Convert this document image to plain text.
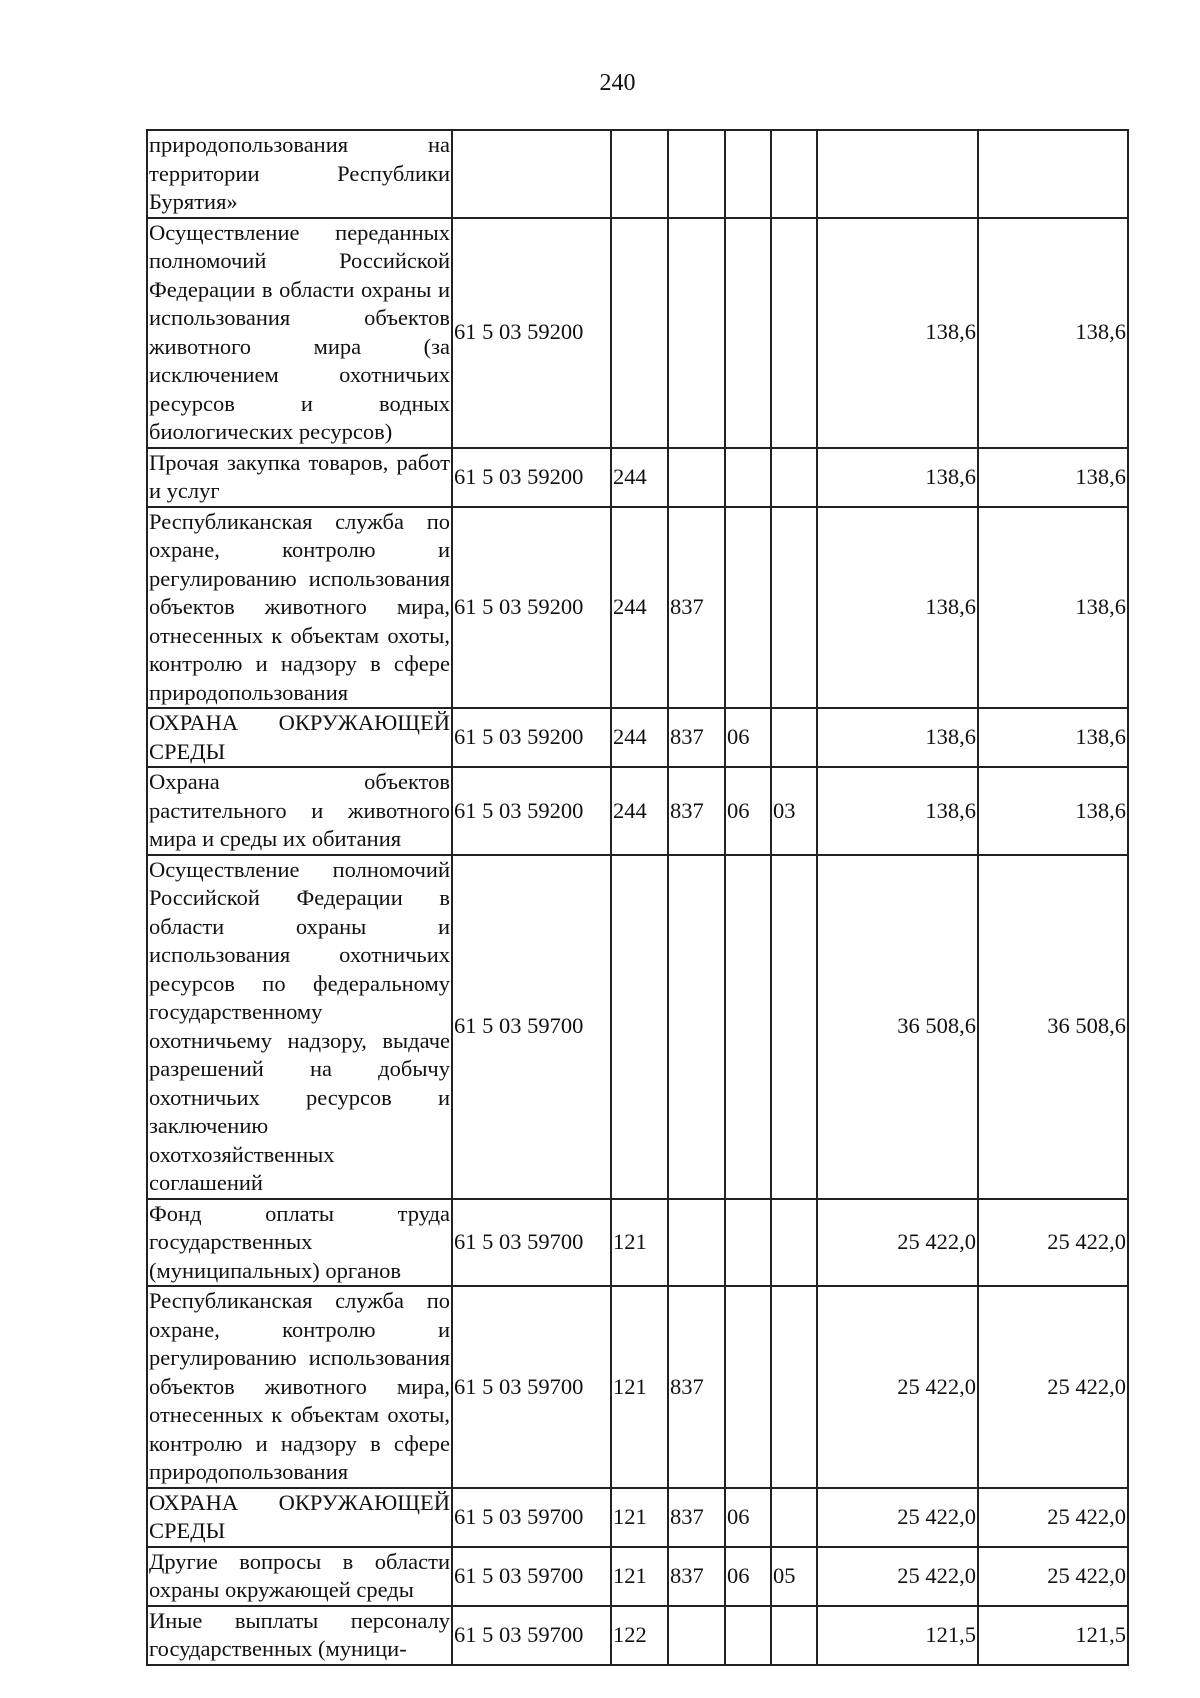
240
природопользования на территории Республики Бурятия»							
Осуществление переданных полномочий Российской Федерации в области охраны и использования объектов животного мира (за исключением охотничьих ресурсов и водных биологических ресурсов)	61 5 03 59200					138,6	138,6
Прочая закупка товаров, работ и услуг	61 5 03 59200	244				138,6	138,6
Республиканская служба по охране, контролю и регулированию использования объектов животного мира, отнесенных к объектам охоты, контролю и надзору в сфере природопользования	61 5 03 59200	244	837			138,6	138,6
ОХРАНА ОКРУЖАЮЩЕЙ СРЕДЫ	61 5 03 59200	244	837	06		138,6	138,6
Охрана объектов растительного и животного мира и среды их обитания	61 5 03 59200	244	837	06	03	138,6	138,6
Осуществление полномочий Российской Федерации в области охраны и использования охотничьих ресурсов по федеральному государственному охотничьему надзору, выдаче разрешений на добычу охотничьих ресурсов и заключению охотхозяйственных соглашений	61 5 03 59700					36 508,6	36 508,6
Фонд оплаты труда государственных (муниципальных) органов	61 5 03 59700	121				25 422,0	25 422,0
Республиканская служба по охране, контролю и регулированию использования объектов животного мира, отнесенных к объектам охоты, контролю и надзору в сфере природопользования	61 5 03 59700	121	837			25 422,0	25 422,0
ОХРАНА ОКРУЖАЮЩЕЙ СРЕДЫ	61 5 03 59700	121	837	06		25 422,0	25 422,0
Другие вопросы в области охраны окружающей среды	61 5 03 59700	121	837	06	05	25 422,0	25 422,0
Иные выплаты персоналу государственных (муници-	61 5 03 59700	122				121,5	121,5
